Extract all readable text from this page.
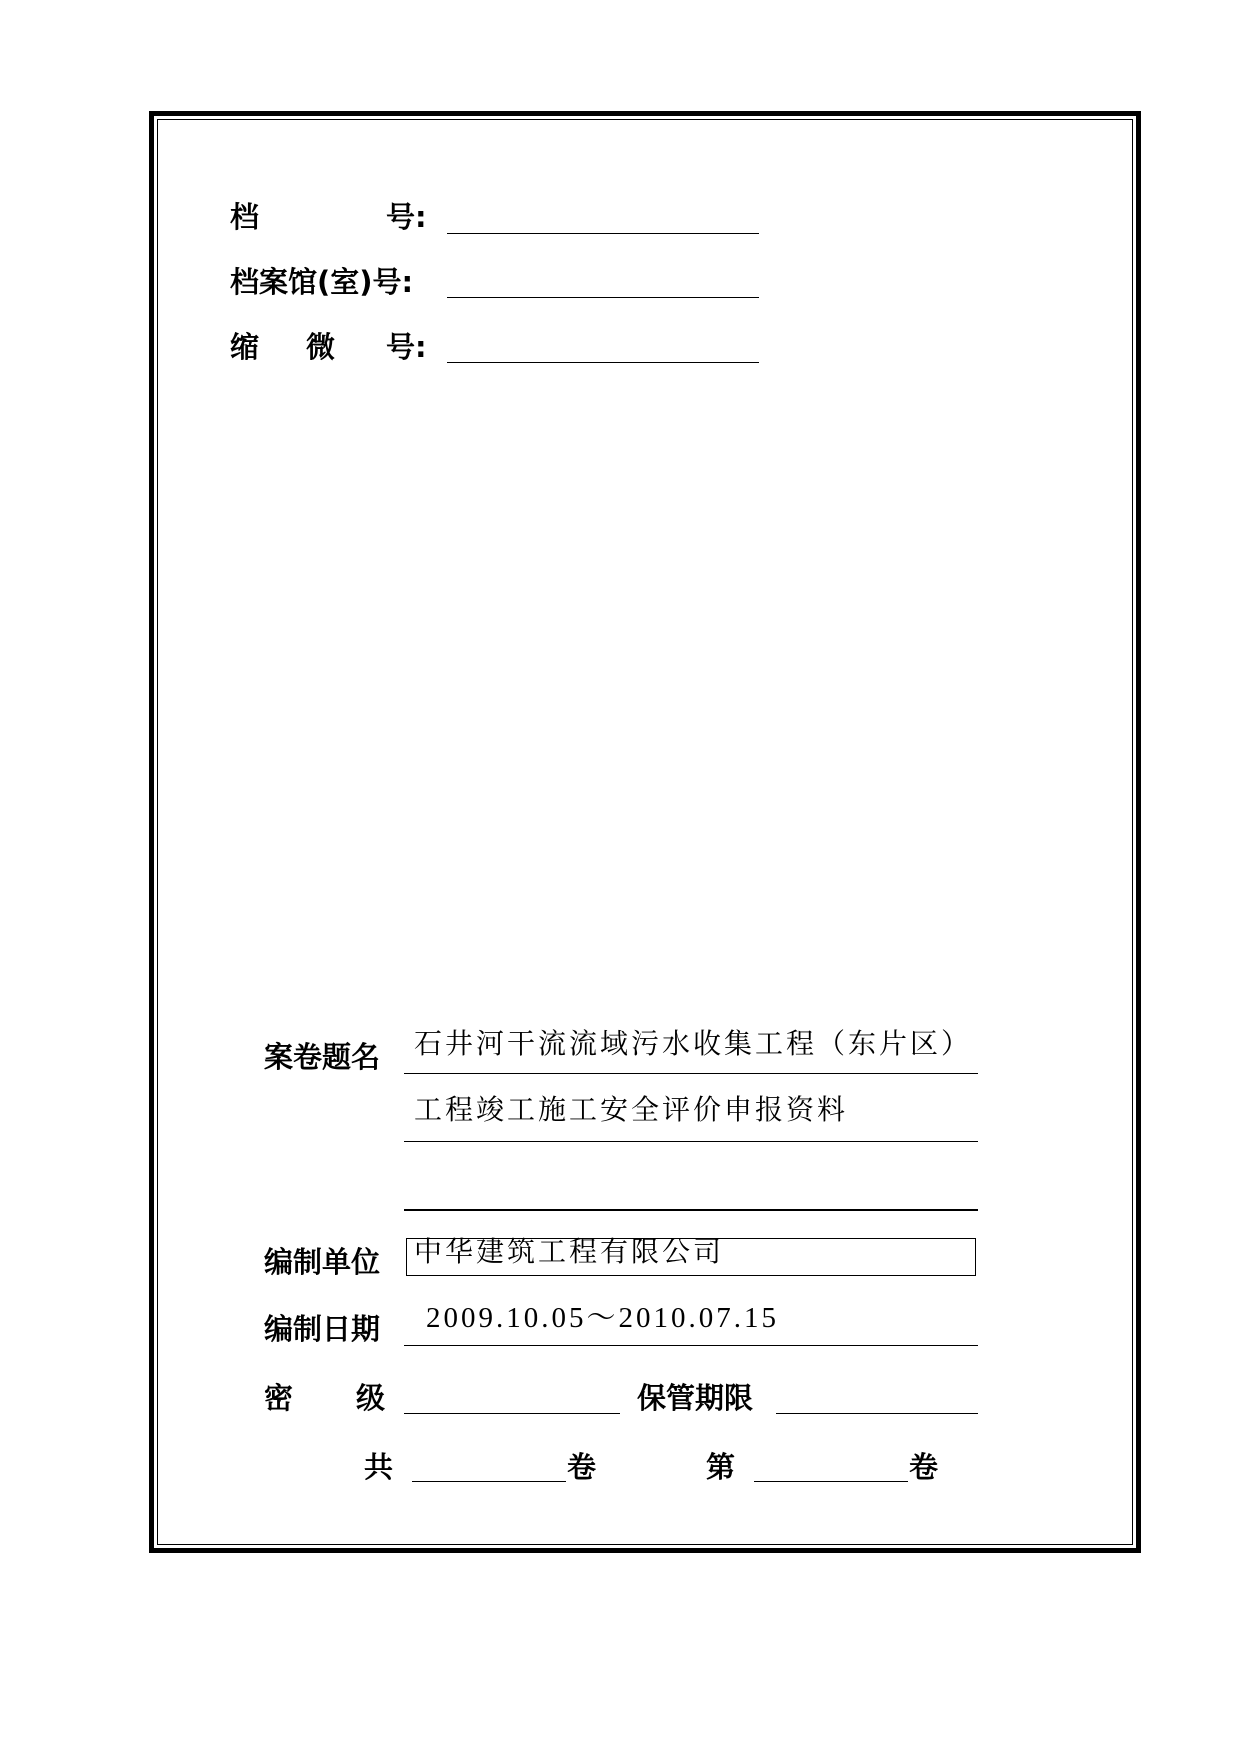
档	号:
档案馆(室)号:
缩 微 号:
案卷题名 石井河干流流域污水收集工程（东片区）
工程竣工施工安全评价申报资料
编制单位 中华建筑工程有限公司
编制日期 2009.10.05～2010.07.15
密 级	保管期限
共	卷	第	卷
